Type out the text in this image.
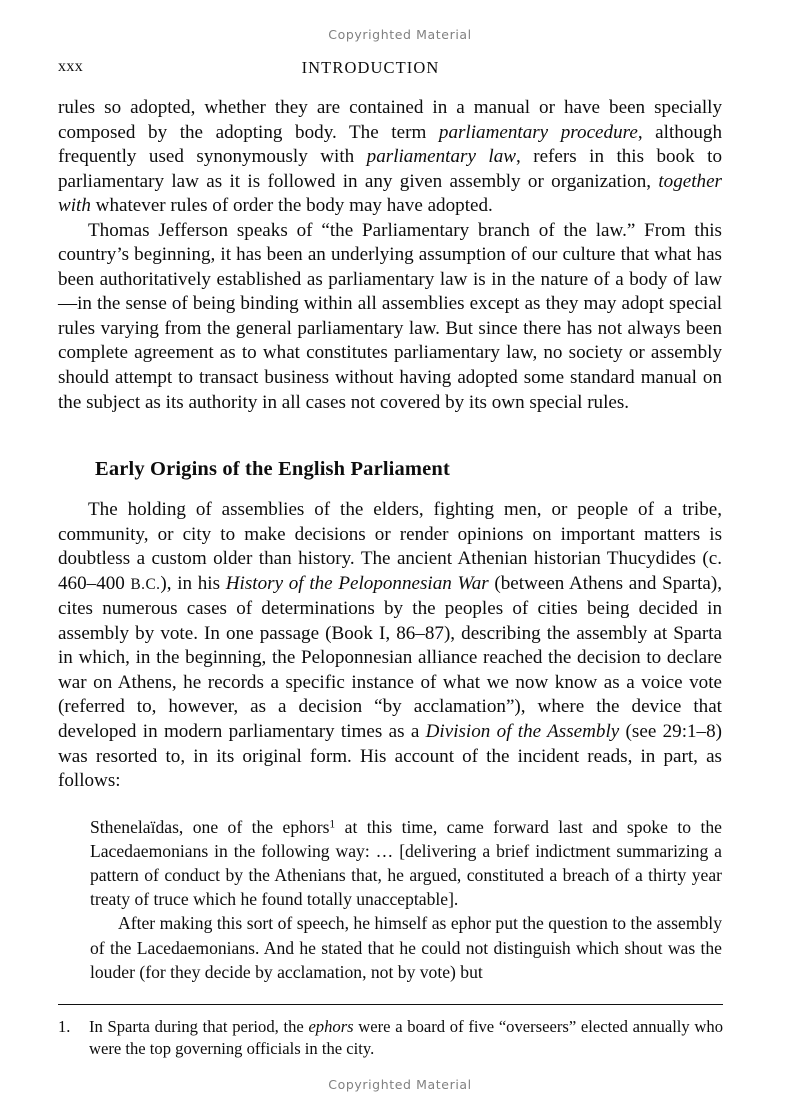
Copyrighted Material
xxx	INTRODUCTION

rules so adopted, whether they are contained in a manual or have been specially composed by the adopting body. The term parliamentary procedure, although frequently used synonymously with parliamentary law, refers in this book to parliamentary law as it is followed in any given assembly or organization, together with whatever rules of order the body may have adopted.

Thomas Jefferson speaks of “the Parliamentary branch of the law.” From this country’s beginning, it has been an underlying assumption of our culture that what has been authoritatively established as parliamentary law is in the nature of a body of law—in the sense of being binding within all assemblies except as they may adopt special rules varying from the general parliamentary law. But since there has not always been complete agreement as to what constitutes parliamentary law, no society or assembly should attempt to transact business without having adopted some standard manual on the subject as its authority in all cases not covered by its own special rules.

Early Origins of the English Parliament

The holding of assemblies of the elders, fighting men, or people of a tribe, community, or city to make decisions or render opinions on important matters is doubtless a custom older than history. The ancient Athenian historian Thucydides (c. 460–400 B.C.), in his History of the Peloponnesian War (between Athens and Sparta), cites numerous cases of determinations by the peoples of cities being decided in assembly by vote. In one passage (Book I, 86–87), describing the assembly at Sparta in which, in the beginning, the Peloponnesian alliance reached the decision to declare war on Athens, he records a specific instance of what we now know as a voice vote (referred to, however, as a decision “by acclamation”), where the device that developed in modern parliamentary times as a Division of the Assembly (see 29:1–8) was resorted to, in its original form. His account of the incident reads, in part, as follows:

Sthenelaïdas, one of the ephors$^1$ at this time, came forward last and spoke to the Lacedaemonians in the following way: … [delivering a brief indictment summarizing a pattern of conduct by the Athenians that, he argued, constituted a breach of a thirty year treaty of truce which he found totally unacceptable].

After making this sort of speech, he himself as ephor put the question to the assembly of the Lacedaemonians. And he stated that he could not distinguish which shout was the louder (for they decide by acclamation, not by vote) but

1.	In Sparta during that period, the ephors were a board of five “overseers” elected annually who were the top governing officials in the city.
Copyrighted Material
